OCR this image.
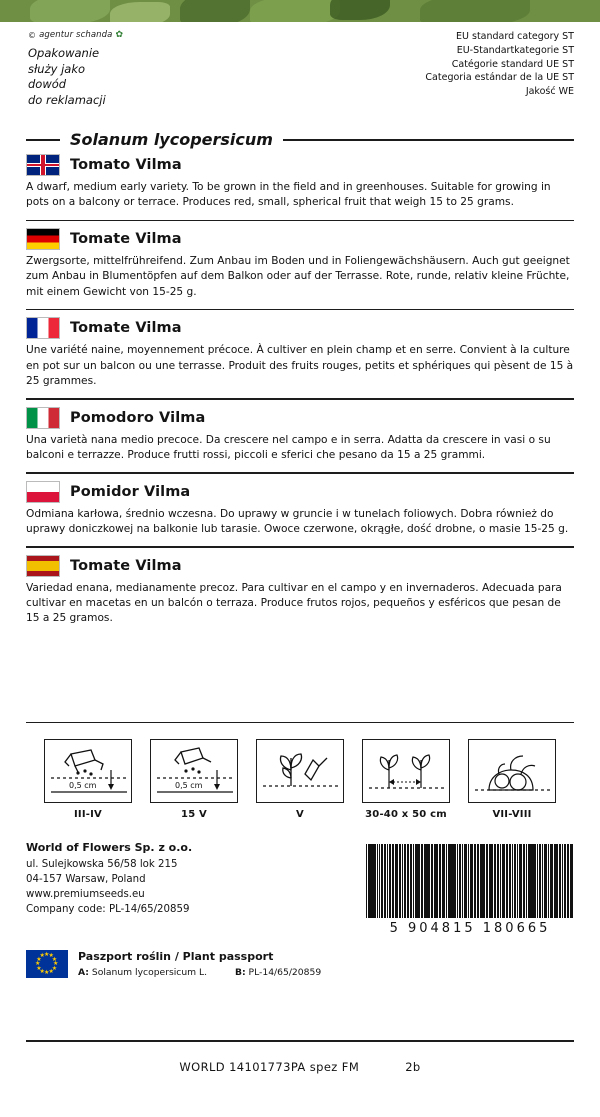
© agentur schanda ✿
Opakowanie
służy jako
dowód
do reklamacji
EU standard category ST
EU-Standartkategorie ST
Catégorie standard UE ST
Categoria estándar de la UE ST
Jakość WE
Solanum lycopersicum
Tomato Vilma
A dwarf, medium early variety. To be grown in the field and in greenhouses. Suitable for growing in pots on a balcony or terrace. Produces red, small, spherical fruit that weigh 15 to 25 grams.
Tomate Vilma
Zwergsorte, mittelfrühreifend. Zum Anbau im Boden und in Foliengewächshäusern. Auch gut geeignet zum Anbau in Blumentöpfen auf dem Balkon oder auf der Terrasse. Rote, runde, relativ kleine Früchte, mit einem Gewicht von 15-25 g.
Tomate Vilma
Une variété naine, moyennement précoce. À cultiver en plein champ et en serre. Convient à la culture en pot sur un balcon ou une terrasse. Produit des fruits rouges, petits et sphériques qui pèsent de 15 à 25 grammes.
Pomodoro Vilma
Una varietà nana medio precoce. Da crescere nel campo e in serra. Adatta da crescere in vasi o su balconi e terrazze. Produce frutti rossi, piccoli e sferici che pesano da 15 a 25 grammi.
Pomidor Vilma
Odmiana karłowa, średnio wczesna. Do uprawy w gruncie i w tunelach foliowych. Dobra również do uprawy doniczkowej na balkonie lub tarasie. Owoce czerwone, okrągłe, dość drobne, o masie 15-25 g.
Tomate Vilma
Variedad enana, medianamente precoz. Para cultivar en el campo y en invernaderos. Adecuada para cultivar en macetas en un balcón o terraza. Produce frutos rojos, pequeños y esféricos que pesan de 15 a 25 gramos.
0,5 cm
III-IV
0,5 cm
15 V	V	30-40 x 50 cm	VII-VIII
World of Flowers Sp. z o.o.
ul. Sulejkowska 56/58 lok 215
04-157 Warsaw, Poland
www.premiumseeds.eu
Company code: PL-14/65/20859
5 904815 180665
★ ★
★
★
★
★
★
★
★
★
★
★	Paszport roślin / Plant passport
A: Solanum lycopersicum L.	B: PL-14/65/20859
WORLD 14101773PA spez FM	2b
